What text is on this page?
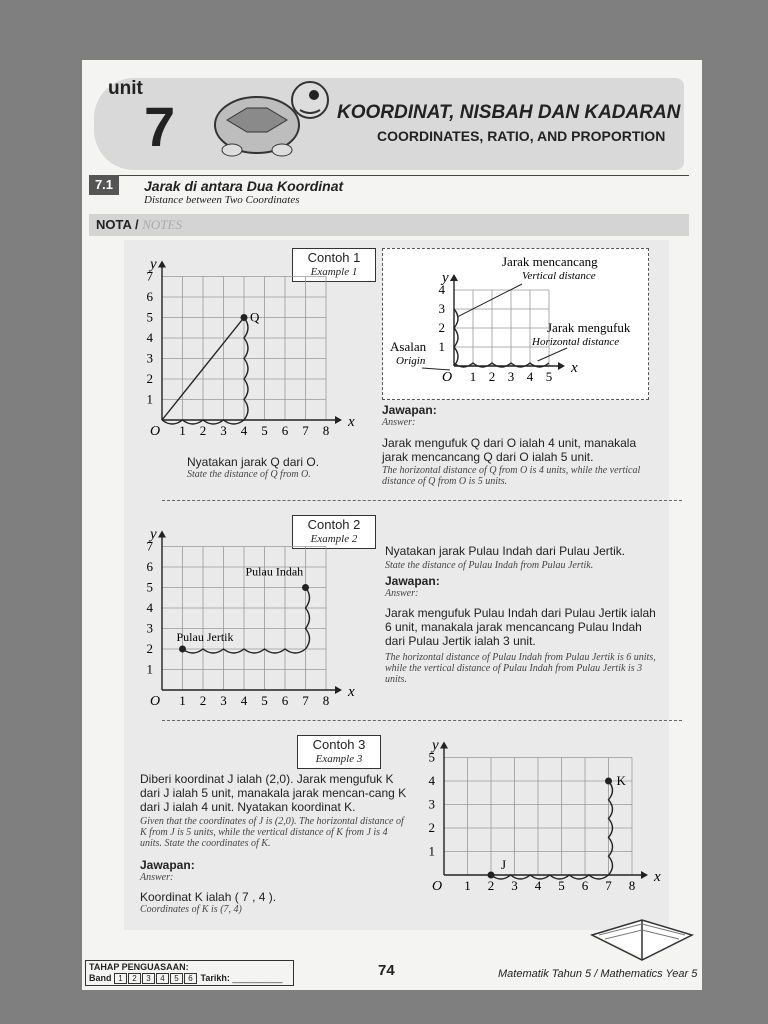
unit
7	KOORDINAT, NISBAH DAN KADARAN
COORDINATES, RATIO, AND PROPORTION
7.1	Jarak di antara Dua Koordinat
Distance between Two Coordinates
NOTA / NOTES
Contoh 1
Example 1
1 2 3 4 5 6 7 8
1
2
3
4
5
6
7
O
x
y
Q
Nyatakan jarak Q dari O.
State the distance of Q from O.
1 2 3 4 5
1
2
3
4
O
x
y
Jarak mencancang
Vertical distance
Jarak mengufuk
Horizontal distance
Asalan
Origin
Jawapan:
Answer:
Jarak mengufuk Q dari O ialah 4 unit, manakala jarak mencancang Q dari O ialah 5 unit.
The horizontal distance of Q from O is 4 units, while the vertical distance of Q from O is 5 units.
Contoh 2
Example 2
1 2 3 4 5 6 7 8
1
2
3
4
5
6
7
O
x
y
Pulau Jertik
Pulau Indah
Nyatakan jarak Pulau Indah dari Pulau Jertik.
State the distance of Pulau Indah from Pulau Jertik.
Jawapan:
Answer:
Jarak mengufuk Pulau Indah dari Pulau Jertik ialah 6 unit, manakala jarak mencancang Pulau Indah dari Pulau Jertik ialah 3 unit.
The horizontal distance of Pulau Indah from Pulau Jertik is 6 units, while the vertical distance of Pulau Indah from Pulau Jertik is 3 units.
Contoh 3
Example 3
Diberi koordinat J ialah (2,0). Jarak mengufuk K dari J ialah 5 unit, manakala jarak mencan-cang K dari J ialah 4 unit. Nyatakan koordinat K.
Given that the coordinates of J is (2,0). The horizontal distance of K from J is 5 units, while the vertical distance of K from J is 4 units. State the coordinates of K.
Jawapan:
Answer:
Koordinat K ialah ( 7 , 4 ).
Coordinates of K is (7, 4)
1 2 3 4 5 6 7 8
1
2
3
4
5
O
x
y
J
K
TAHAP PENGUASAAN:
Band 1 2 3 4 5 6 Tarikh: __________	74	Matematik Tahun 5 / Mathematics Year 5
